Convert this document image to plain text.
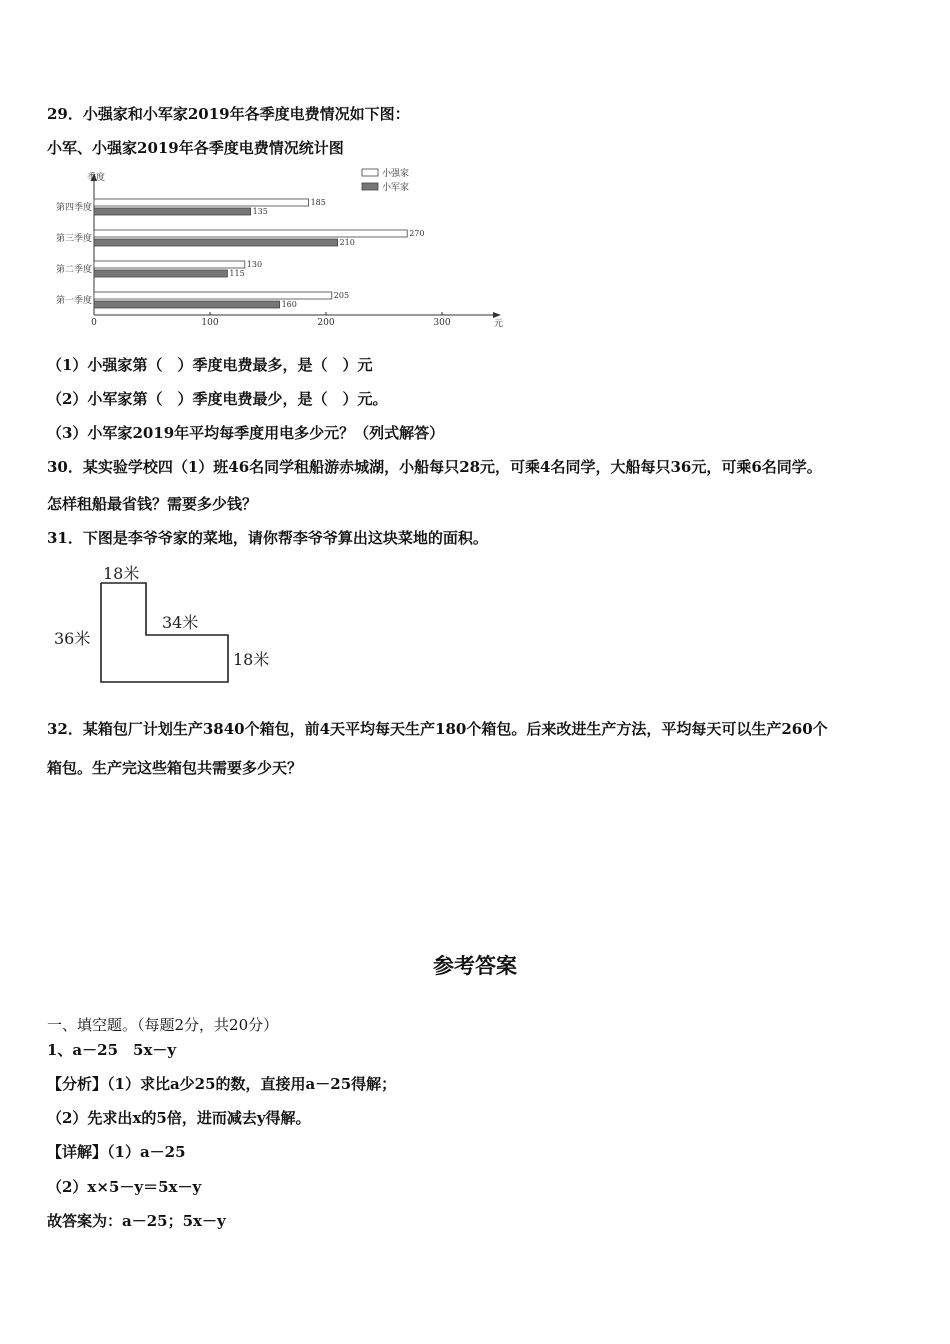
29．小强家和小军家2019年各季度电费情况如下图：
小军、小强家2019年各季度电费情况统计图
季度
元
第一季度
205
160
第二季度
130
115
第三季度
270
210
第四季度
185
135
0	100	200	300
小强家
小军家
（1）小强家第（　）季度电费最多，是（　）元
（2）小军家第（　）季度电费最少，是（　）元。
（3）小军家2019年平均每季度用电多少元？（列式解答）
30．某实验学校四（1）班46名同学租船游赤城湖，小船每只28元，可乘4名同学，大船每只36元，可乘6名同学。
怎样租船最省钱？需要多少钱？
31．下图是李爷爷家的菜地，请你帮李爷爷算出这块菜地的面积。
18米
36米
34米
18米
32．某箱包厂计划生产3840个箱包，前4天平均每天生产180个箱包。后来改进生产方法，平均每天可以生产260个
箱包。生产完这些箱包共需要多少天？
参考答案
一、填空题。（每题2分，共20分）
1、a－25　5x－y
【分析】（1）求比a少25的数，直接用a－25得解；
（2）先求出x的5倍，进而减去y得解。
【详解】（1）a－25
（2）x×5－y＝5x－y
故答案为：a－25；5x－y
